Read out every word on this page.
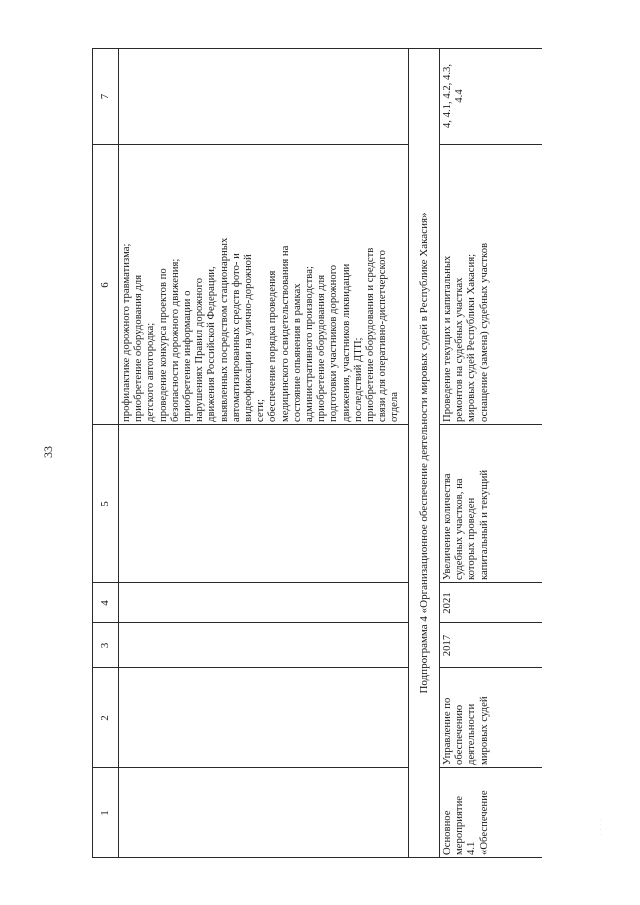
33
· · · ·
1
2
3
4
5
6
7
профилактике дорожного травматизма; приобретение оборудования для детского автогородка; проведение конкурса проектов по безопасности дорожного движения; приобретение информации о нарушениях Правил дорожного движения Российской Федерации, выявленных посредством стационарных автоматизированных средств фото- и видеофиксации на улично-дорожной сети; обеспечение порядка проведения медицинского освидетельствования на состояние опьянения в рамках административного производства; приобретение оборудования для подготовки участников дорожного движения, участников ликвидации последствий ДТП; приобретение оборудования и средств связи для оперативно-диспетчерского отдела	Подпрограмма 4 «Организационное обеспечение деятельности мировых судей в Республике Хакасия»
Основное мероприятие 4.1 «Обеспечение
Управление по обеспечению деятельности мировых судей
2017
2021
Увеличение количества судебных участков, на которых проведен капитальный и текущий
Проведение текущих и капитальных ремонтов на судебных участках мировых судей Республики Хакасия; оснащение (замена) судебных участков
4, 4.1, 4.2, 4.3, 4.4
